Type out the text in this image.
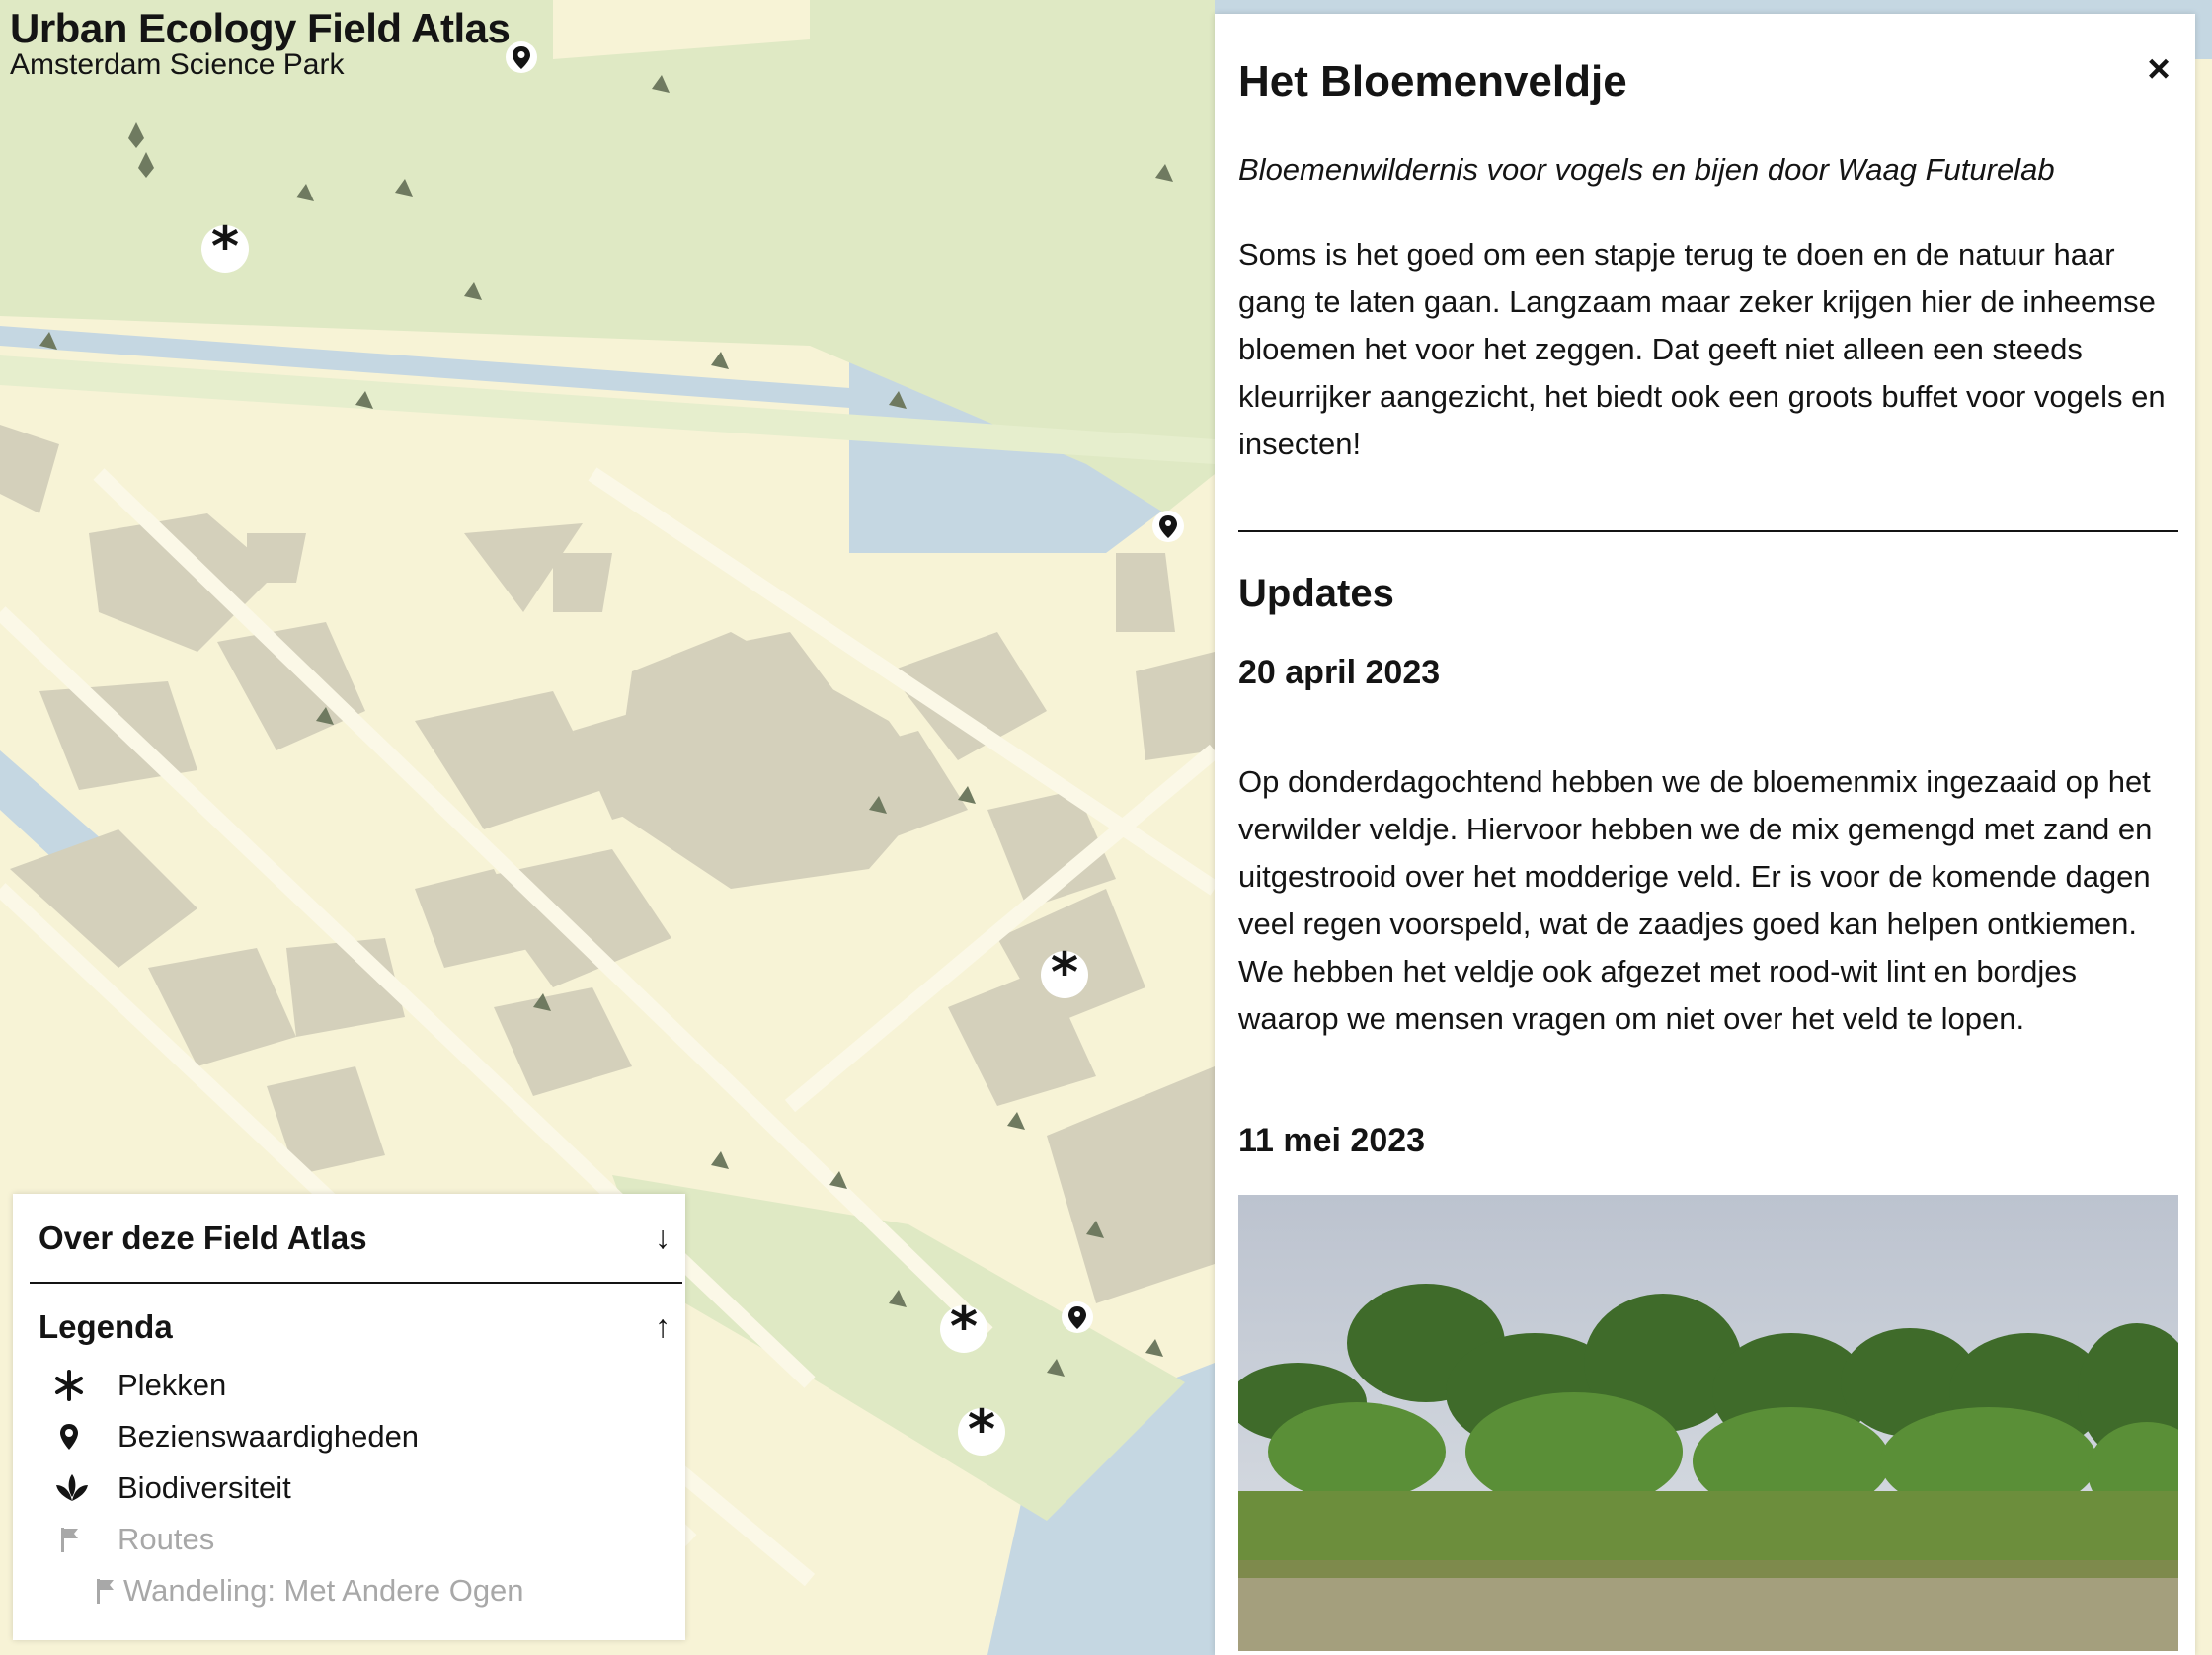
*
*
*
*
Urban Ecology Field Atlas
Amsterdam Science Park	Het Bloemenveldje	×
Bloemenwildernis voor vogels en bijen door Waag Futurelab
Soms is het goed om een stapje terug te doen en de natuur haar gang te laten gaan. Langzaam maar zeker krijgen hier de inheemse bloemen het voor het zeggen. Dat geeft niet alleen een steeds kleurrijker aangezicht, het biedt ook een groots buffet voor vogels en insecten!
Updates
20 april 2023
Op donderdagochtend hebben we de bloemenmix ingezaaid op het verwilder veldje. Hiervoor hebben we de mix gemengd met zand en uitgestrooid over het modderige veld. Er is voor de komende dagen veel regen voorspeld, wat de zaadjes goed kan helpen ontkiemen. We hebben het veldje ook afgezet met rood-wit lint en bordjes waarop we mensen vragen om niet over het veld te lopen.
11 mei 2023
Over deze Field Atlas	↓
Legenda	↑
Plekken
Bezienswaardigheden
Biodiversiteit
Routes
Wandeling: Met Andere Ogen
